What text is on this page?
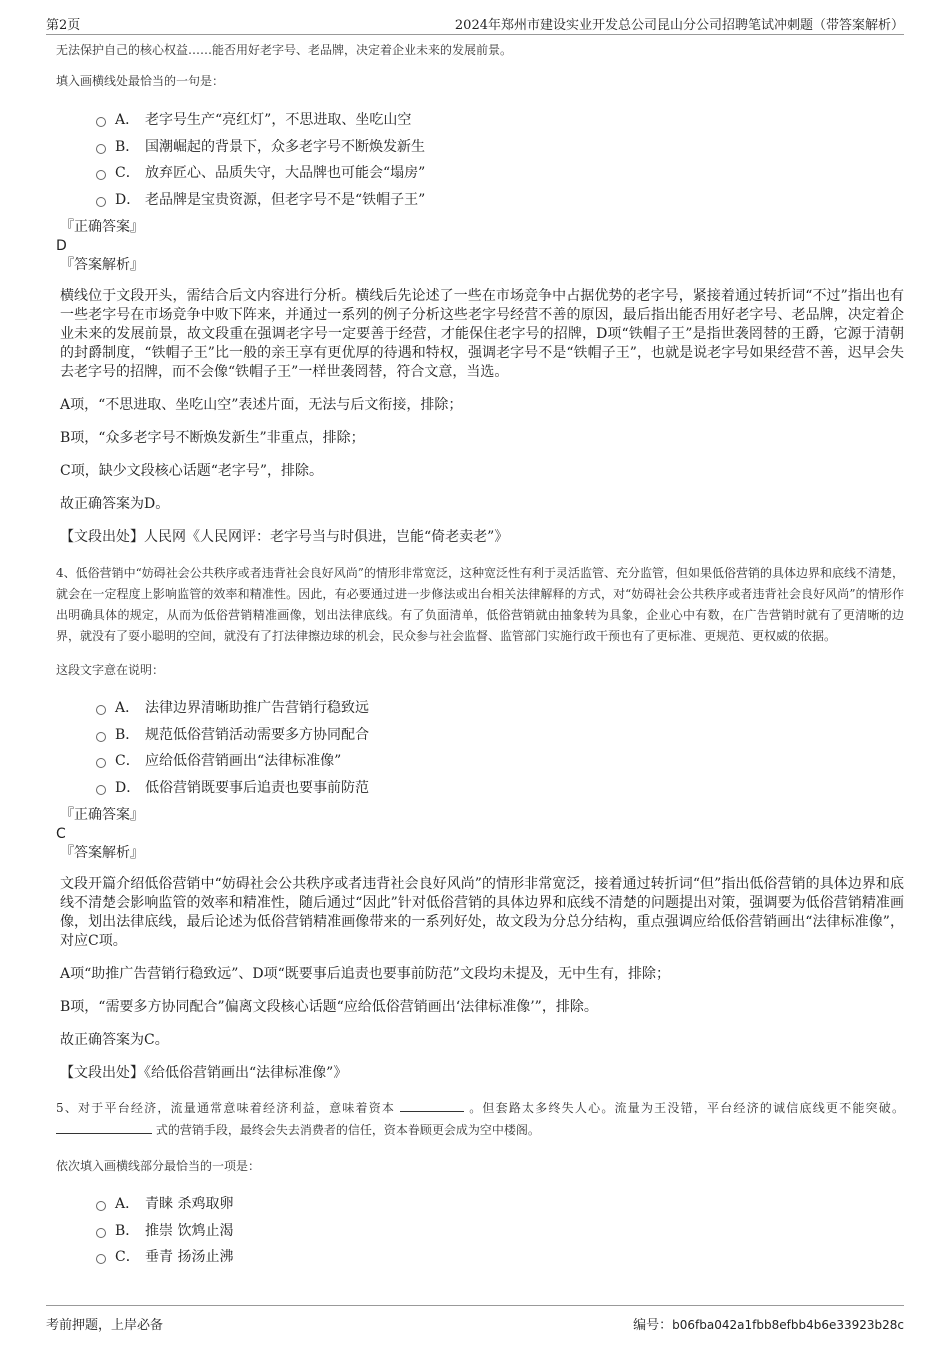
第2页	2024年郑州市建设实业开发总公司昆山分公司招聘笔试冲刺题（带答案解析）
无法保护自己的核心权益……能否用好老字号、老品牌，决定着企业未来的发展前景。
填入画横线处最恰当的一句是：
A． 老字号生产“亮红灯”，不思进取、坐吃山空
B． 国潮崛起的背景下，众多老字号不断焕发新生
C． 放弃匠心、品质失守，大品牌也可能会“塌房”
D． 老品牌是宝贵资源，但老字号不是“铁帽子王”
『正确答案』
D
『答案解析』
横线位于文段开头，需结合后文内容进行分析。横线后先论述了一些在市场竞争中占据优势的老字号，紧接着通过转折词“不过”指出也有一些老字号在市场竞争中败下阵来，并通过一系列的例子分析这些老字号经营不善的原因，最后指出能否用好老字号、老品牌，决定着企业未来的发展前景，故文段重在强调老字号一定要善于经营，才能保住老字号的招牌，D项“铁帽子王”是指世袭罔替的王爵，它源于清朝的封爵制度，“铁帽子王”比一般的亲王享有更优厚的待遇和特权，强调老字号不是“铁帽子王”，也就是说老字号如果经营不善，迟早会失去老字号的招牌，而不会像“铁帽子王”一样世袭罔替，符合文意，当选。
A项，“不思进取、坐吃山空”表述片面，无法与后文衔接，排除；
B项，“众多老字号不断焕发新生”非重点，排除；
C项，缺少文段核心话题“老字号”，排除。
故正确答案为D。
【文段出处】人民网《人民网评：老字号当与时俱进，岂能“倚老卖老”》
4、低俗营销中“妨碍社会公共秩序或者违背社会良好风尚”的情形非常宽泛，这种宽泛性有利于灵活监管、充分监管，但如果低俗营销的具体边界和底线不清楚，就会在一定程度上影响监管的效率和精准性。因此，有必要通过进一步修法或出台相关法律解释的方式，对“妨碍社会公共秩序或者违背社会良好风尚”的情形作出明确具体的规定，从而为低俗营销精准画像，划出法律底线。有了负面清单，低俗营销就由抽象转为具象，企业心中有数，在广告营销时就有了更清晰的边界，就没有了耍小聪明的空间，就没有了打法律擦边球的机会，民众参与社会监督、监管部门实施行政干预也有了更标准、更规范、更权威的依据。
这段文字意在说明：
A． 法律边界清晰助推广告营销行稳致远
B． 规范低俗营销活动需要多方协同配合
C． 应给低俗营销画出“法律标准像”
D． 低俗营销既要事后追责也要事前防范
『正确答案』
C
『答案解析』
文段开篇介绍低俗营销中“妨碍社会公共秩序或者违背社会良好风尚”的情形非常宽泛，接着通过转折词“但”指出低俗营销的具体边界和底线不清楚会影响监管的效率和精准性，随后通过“因此”针对低俗营销的具体边界和底线不清楚的问题提出对策，强调要为低俗营销精准画像，划出法律底线，最后论述为低俗营销精准画像带来的一系列好处，故文段为分总分结构，重点强调应给低俗营销画出“法律标准像”，对应C项。
A项“助推广告营销行稳致远”、D项“既要事后追责也要事前防范”文段均未提及，无中生有，排除；
B项，“需要多方协同配合”偏离文段核心话题“应给低俗营销画出‘法律标准像’”，排除。
故正确答案为C。
【文段出处】《给低俗营销画出“法律标准像”》
5、对于平台经济，流量通常意味着经济利益，意味着资本	。但套路太多终失人心。流量为王没错，平台经济的诚信底线更不能突破。  式的营销手段，最终会失去消费者的信任，资本眷顾更会成为空中楼阁。
依次填入画横线部分最恰当的一项是：
A． 青睐 杀鸡取卵
B． 推崇 饮鸩止渴
C． 垂青 扬汤止沸
考前押题，上岸必备	编号：b06fba042a1fbb8efbb4b6e33923b28c
